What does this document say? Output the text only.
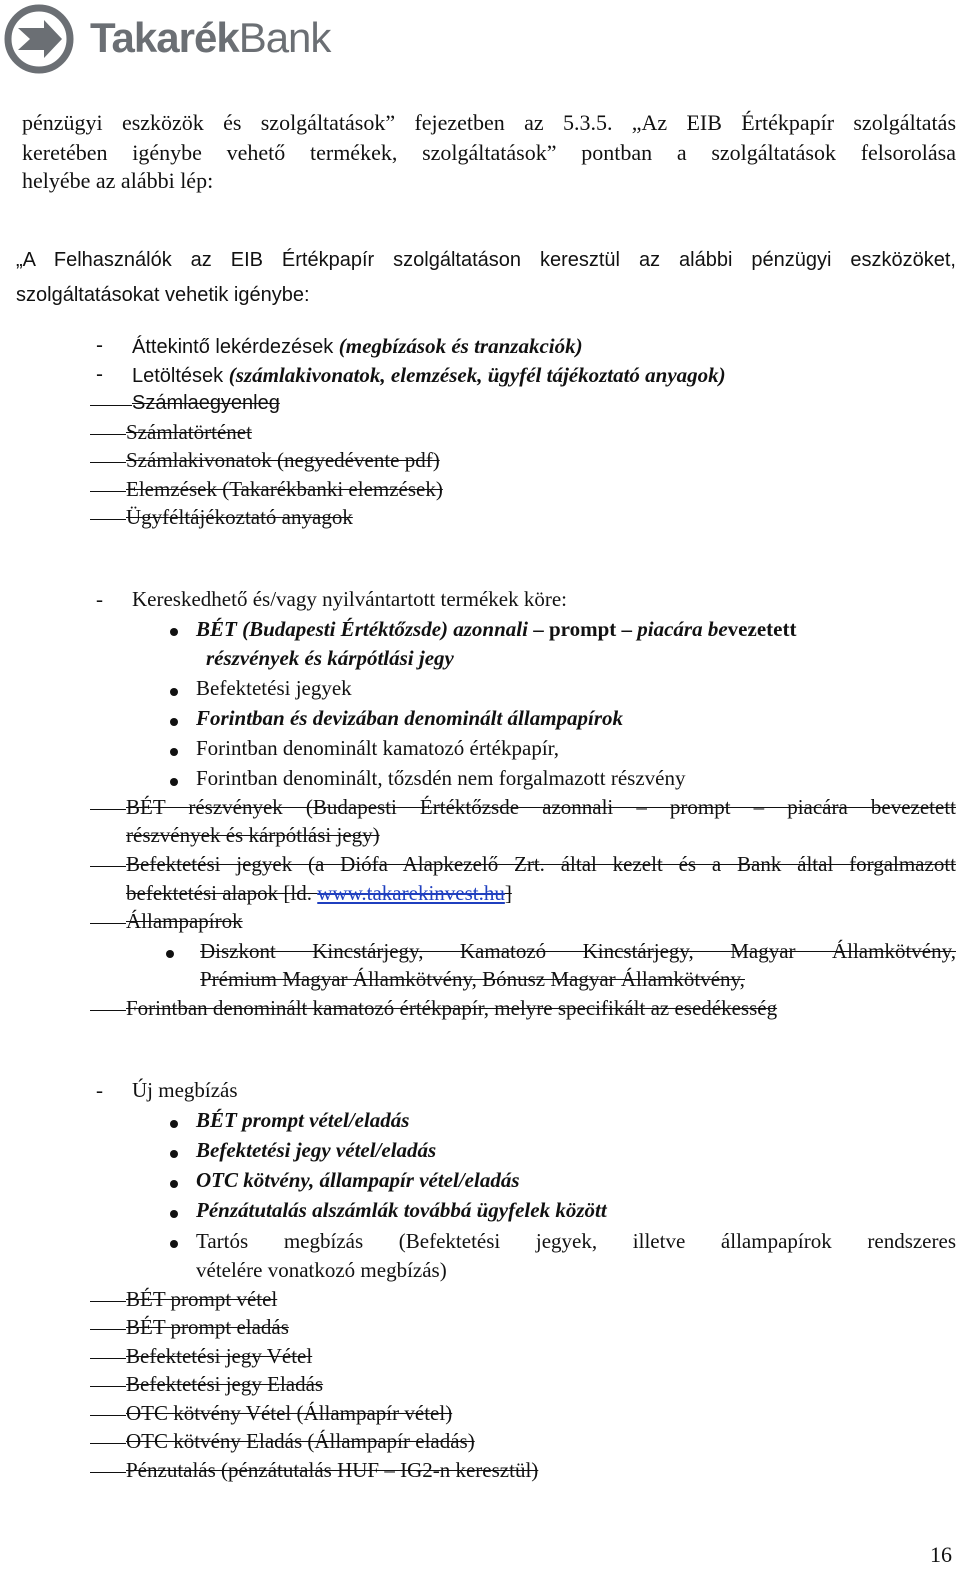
TakarékBank
pénzügyi eszközök és szolgáltatások” fejezetben az 5.3.5. „Az EIB Értékpapír szolgáltatás
keretében igénybe vehető termékek, szolgáltatások” pontban a szolgáltatások felsorolása
helyébe az alábbi lép:
„A Felhasználók az EIB Értékpapír szolgáltatáson keresztül az alábbi pénzügyi eszközöket,
szolgáltatásokat vehetik igénybe:
- Áttekintő lekérdezések (megbízások és tranzakciók)
- Letöltések (számlakivonatok, elemzések, ügyfél tájékoztató anyagok)
Számlaegyenleg
Számlatörténet
Számlakivonatok (negyedévente pdf)
Elemzések (Takarékbanki elemzések)
Ügyféltájékoztató anyagok
- Kereskedhető és/vagy nyilvántartott termékek köre:
BÉT (Budapesti Értéktőzsde) azonnali – prompt – piacára bevezetett
részvények és kárpótlási jegy
Befektetési jegyek
Forintban és devizában denominált állampapírok
Forintban denominált kamatozó értékpapír,
Forintban denominált, tőzsdén nem forgalmazott részvény
BÉT részvények (Budapesti Értéktőzsde azonnali – prompt – piacára bevezetett
részvények és kárpótlási jegy)
Befektetési jegyek (a Diófa Alapkezelő Zrt. által kezelt és a Bank által forgalmazott
befektetési alapok [ld. www.takarekinvest.hu]
Állampapírok
Diszkont Kincstárjegy, Kamatozó Kincstárjegy, Magyar Államkötvény,
Prémium Magyar Államkötvény, Bónusz Magyar Államkötvény,
Forintban denominált kamatozó értékpapír, melyre specifikált az esedékesség
- Új megbízás
BÉT prompt vétel/eladás
Befektetési jegy vétel/eladás
OTC kötvény, állampapír vétel/eladás
Pénzátutalás alszámlák továbbá ügyfelek között
Tartós megbízás (Befektetési jegyek, illetve állampapírok rendszeres
vételére vonatkozó megbízás)
BÉT prompt vétel
BÉT prompt eladás
Befektetési jegy Vétel
Befektetési jegy Eladás
OTC kötvény Vétel (Állampapír vétel)
OTC kötvény Eladás (Állampapír eladás)
Pénzutalás (pénzátutalás HUF – IG2-n keresztül)
16
